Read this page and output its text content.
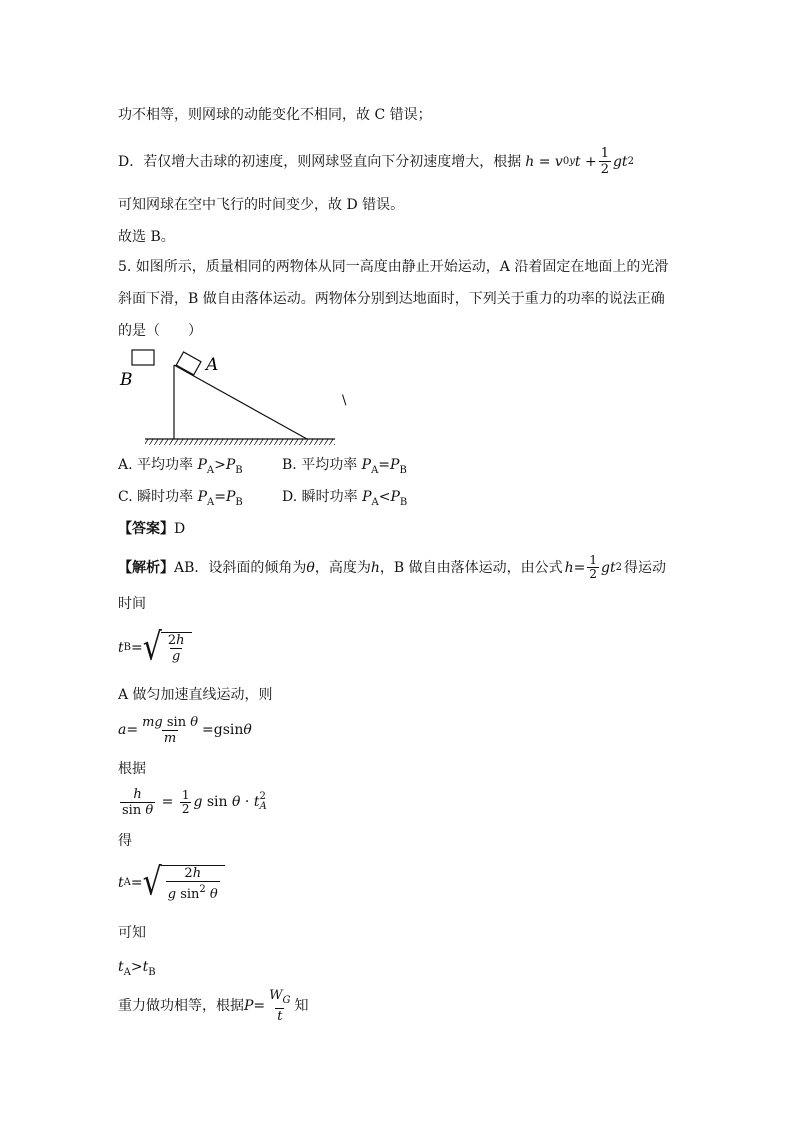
功不相等，则网球的动能变化不相同，故 C 错误；
D．若仅增大击球的初速度，则网球竖直向下分初速度增大，根据 h = v 0y $t + \frac{1}{2}$ gt 2
可知网球在空中飞行的时间变少，故 D 错误。
故选 B。
5. 如图所示，质量相同的两物体从同一高度由静止开始运动，A 沿着固定在地面上的光滑
斜面下滑，B 做自由落体运动。两物体分别到达地面时，下列关于重力的功率的说法正确
的是（　　）
A
B
\
A. 平均功率 $P_A>P_B$	B. 平均功率 $P_A=P_B$
C. 瞬时功率 $P_A=P_B$	D. 瞬时功率 $P_A<P_B$
【答案】D
【解析】 AB．设斜面的倾角为 θ ，高度为 h ，B 做自由落体运动，由公式 $h = \frac{1}{2}$ gt 2 得运动
时间
t B = √ $\frac{2h}{g}$
A 做匀加速直线运动，则
$a = \frac{\text{mg sin θ}}{m} =gsin$ θ
根据
$\frac{h}{\text{sin θ}} = \frac{1}{2}$ g sin θ · t 2
A
得
t A = √ $\frac{2h}{g \sin^2 \theta}$
可知
$t_A>t_B$
重力做功相等，根据 $P = \frac{W_G}{t}$ 知
